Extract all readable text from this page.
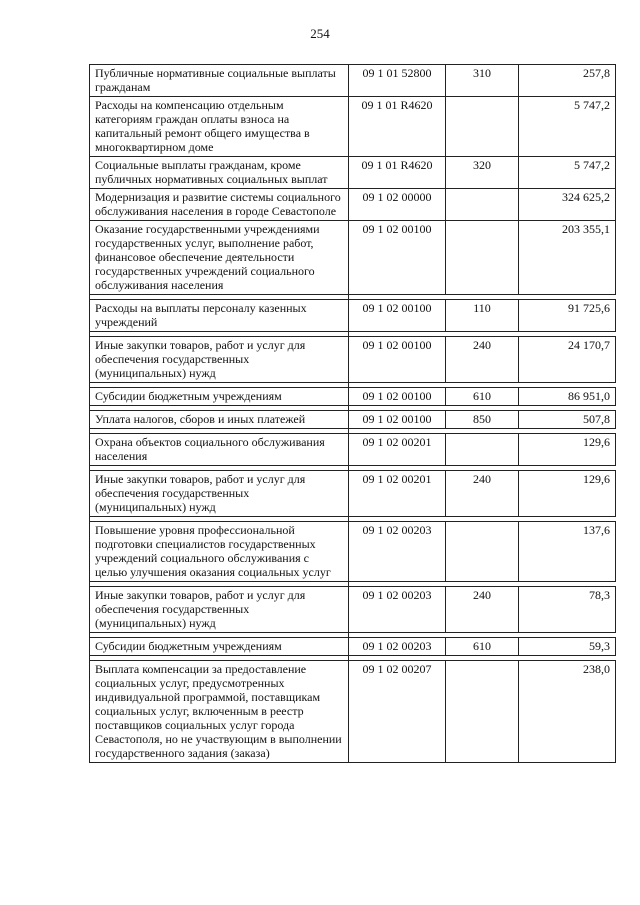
254
Публичные нормативные социальные выплаты гражданам	09 1 01 52800	310	257,8
Расходы на компенсацию отдельным категориям граждан оплаты взноса на капитальный ремонт общего имущества в многоквартирном доме	09 1 01 R4620		5 747,2
Социальные выплаты гражданам, кроме публичных нормативных социальных выплат	09 1 01 R4620	320	5 747,2
Модернизация и развитие системы социального обслуживания населения в городе Севастополе	09 1 02 00000		324 625,2
Оказание государственными учреждениями государственных услуг, выполнение работ, финансовое обеспечение деятельности государственных учреждений социального обслуживания населения	09 1 02 00100		203 355,1

Расходы на выплаты персоналу казенных учреждений	09 1 02 00100	110	91 725,6

Иные закупки товаров, работ и услуг для обеспечения государственных (муниципальных) нужд	09 1 02 00100	240	24 170,7

Субсидии бюджетным учреждениям	09 1 02 00100	610	86 951,0

Уплата налогов, сборов и иных платежей	09 1 02 00100	850	507,8

Охрана объектов социального обслуживания населения	09 1 02 00201		129,6

Иные закупки товаров, работ и услуг для обеспечения государственных (муниципальных) нужд	09 1 02 00201	240	129,6

Повышение уровня профессиональной подготовки специалистов государственных учреждений социального обслуживания с целью улучшения оказания социальных услуг	09 1 02 00203		137,6

Иные закупки товаров, работ и услуг для обеспечения государственных (муниципальных) нужд	09 1 02 00203	240	78,3

Субсидии бюджетным учреждениям	09 1 02 00203	610	59,3

Выплата компенсации за предоставление социальных услуг, предусмотренных индивидуальной программой, поставщикам социальных услуг, включенным в реестр поставщиков социальных услуг города Севастополя, но не участвующим в выполнении государственного задания (заказа)	09 1 02 00207		238,0
